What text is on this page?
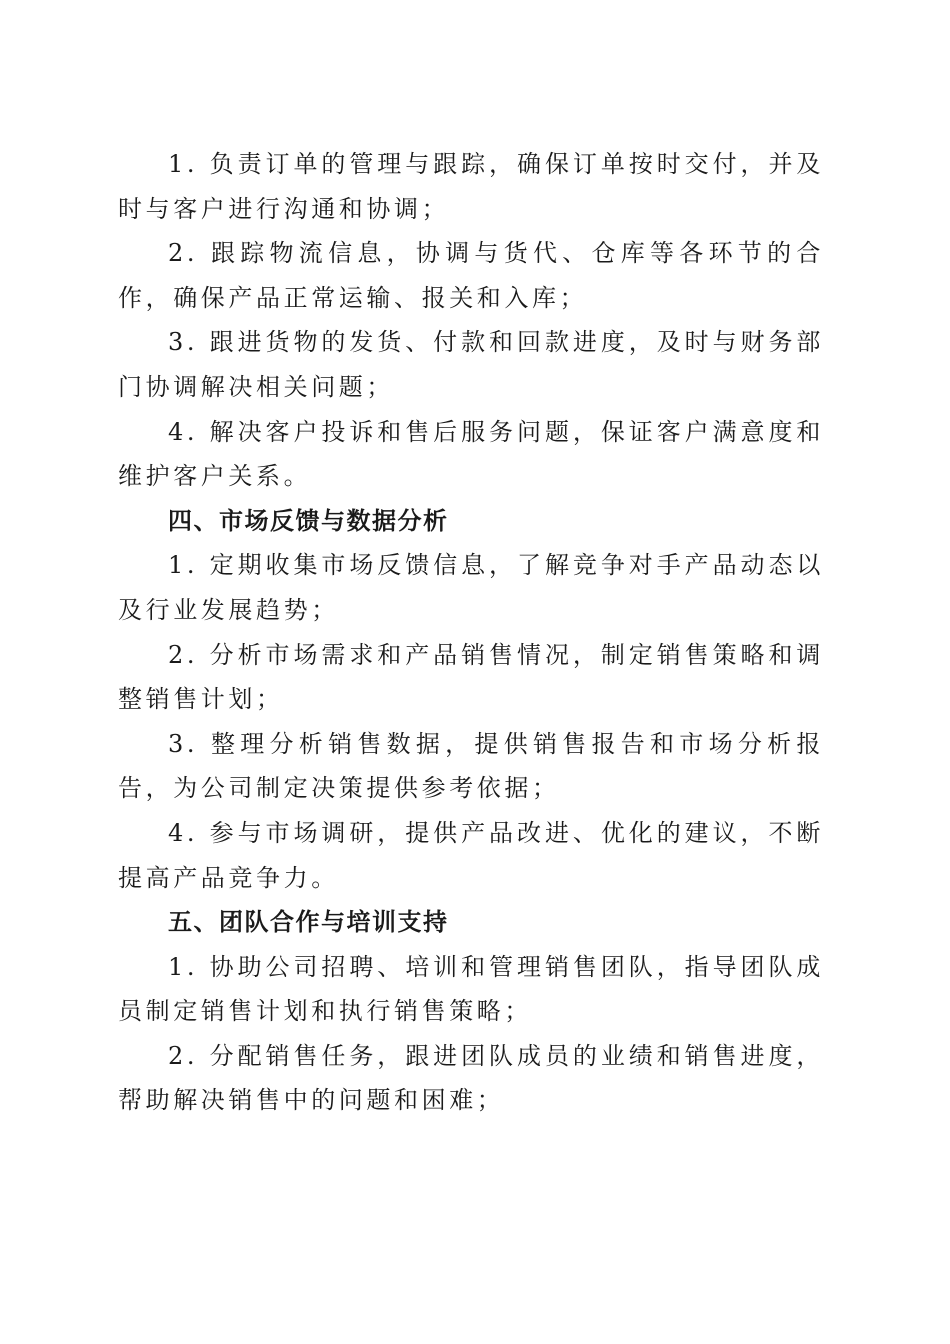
1. 负责订单的管理与跟踪，确保订单按时交付，并及时与客户进行沟通和协调；

2. 跟踪物流信息，协调与货代、仓库等各环节的合作，确保产品正常运输、报关和入库；

3. 跟进货物的发货、付款和回款进度，及时与财务部门协调解决相关问题；

4. 解决客户投诉和售后服务问题，保证客户满意度和维护客户关系。

四、市场反馈与数据分析

1. 定期收集市场反馈信息，了解竞争对手产品动态以及行业发展趋势；

2. 分析市场需求和产品销售情况，制定销售策略和调整销售计划；

3. 整理分析销售数据，提供销售报告和市场分析报告，为公司制定决策提供参考依据；

4. 参与市场调研，提供产品改进、优化的建议，不断提高产品竞争力。

五、团队合作与培训支持

1. 协助公司招聘、培训和管理销售团队，指导团队成员制定销售计划和执行销售策略；

2. 分配销售任务，跟进团队成员的业绩和销售进度，帮助解决销售中的问题和困难；
